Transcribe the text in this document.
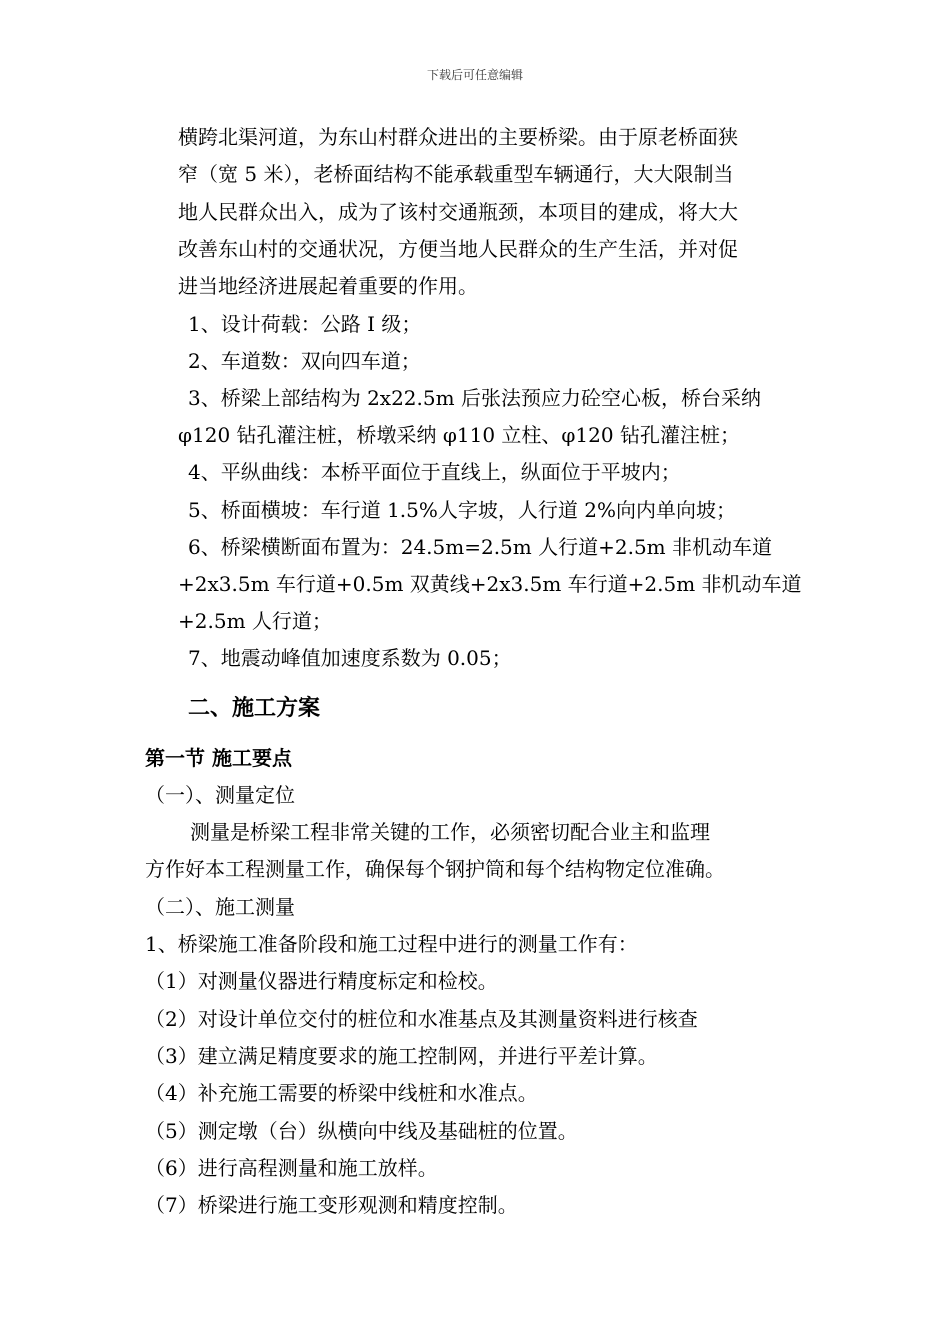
下载后可任意编辑
横跨北渠河道，为东山村群众进出的主要桥梁。由于原老桥面狭
窄（宽 5 米），老桥面结构不能承载重型车辆通行，大大限制当
地人民群众出入，成为了该村交通瓶颈，本项目的建成，将大大
改善东山村的交通状况，方便当地人民群众的生产生活，并对促
进当地经济进展起着重要的作用。
1、设计荷载：公路 I 级；
2、车道数：双向四车道；
3、桥梁上部结构为 2x22.5m 后张法预应力砼空心板，桥台采纳
φ120 钻孔灌注桩，桥墩采纳 φ110 立柱、φ120 钻孔灌注桩；
4、平纵曲线：本桥平面位于直线上，纵面位于平坡内；
5、桥面横坡：车行道 1.5%人字坡，人行道 2%向内单向坡；
6、桥梁横断面布置为：24.5m=2.5m 人行道+2.5m 非机动车道
+2x3.5m 车行道+0.5m 双黄线+2x3.5m 车行道+2.5m 非机动车道
+2.5m 人行道；
7、地震动峰值加速度系数为 0.05；
二、施工方案
第一节 施工要点
（一）、测量定位
测量是桥梁工程非常关键的工作，必须密切配合业主和监理
方作好本工程测量工作，确保每个钢护筒和每个结构物定位准确。
（二）、施工测量
1、桥梁施工准备阶段和施工过程中进行的测量工作有：
（1）对测量仪器进行精度标定和检校。
（2）对设计单位交付的桩位和水准基点及其测量资料进行核查
（3）建立满足精度要求的施工控制网，并进行平差计算。
（4）补充施工需要的桥梁中线桩和水准点。
（5）测定墩（台）纵横向中线及基础桩的位置。
（6）进行高程测量和施工放样。
（7）桥梁进行施工变形观测和精度控制。
